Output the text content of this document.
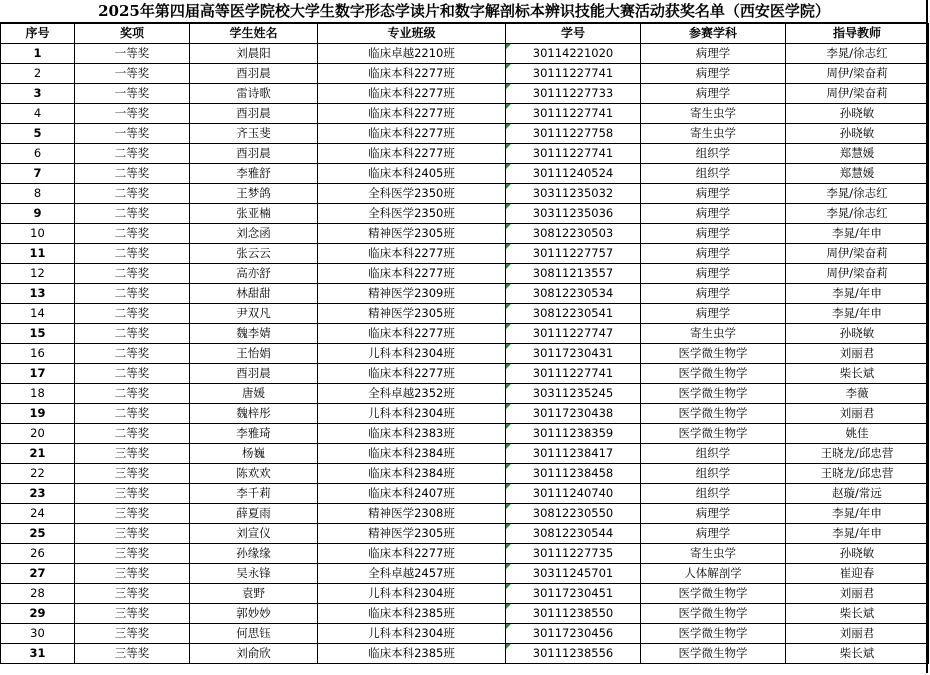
2025年第四届高等医学院校大学生数字形态学读片和数字解剖标本辨识技能大赛活动获奖名单（西安医学院）
序号	奖项	学生姓名	专业班级	学号	参赛学科	指导教师
1	一等奖	刘晨阳	临床卓越2210班	30114221020	病理学	李晁/徐志红
2	一等奖	酉羽晨	临床本科2277班	30111227741	病理学	周伊/梁奋莉
3	一等奖	雷诗歌	临床本科2277班	30111227733	病理学	周伊/梁奋莉
4	一等奖	酉羽晨	临床本科2277班	30111227741	寄生虫学	孙晓敏
5	一等奖	齐玉斐	临床本科2277班	30111227758	寄生虫学	孙晓敏
6	二等奖	酉羽晨	临床本科2277班	30111227741	组织学	郑慧媛
7	二等奖	李雅舒	临床本科2405班	30111240524	组织学	郑慧媛
8	二等奖	王梦鸽	全科医学2350班	30311235032	病理学	李晁/徐志红
9	二等奖	张亚楠	全科医学2350班	30311235036	病理学	李晁/徐志红
10	二等奖	刘念函	精神医学2305班	30812230503	病理学	李晁/年申
11	二等奖	张云云	临床本科2277班	30111227757	病理学	周伊/梁奋莉
12	二等奖	高亦舒	临床本科2277班	30811213557	病理学	周伊/梁奋莉
13	二等奖	林甜甜	精神医学2309班	30812230534	病理学	李晁/年申
14	二等奖	尹双凡	精神医学2305班	30812230541	病理学	李晁/年申
15	二等奖	魏李婧	临床本科2277班	30111227747	寄生虫学	孙晓敏
16	二等奖	王怡娟	儿科本科2304班	30117230431	医学微生物学	刘丽君
17	二等奖	酉羽晨	临床本科2277班	30111227741	医学微生物学	柴长斌
18	二等奖	唐媛	全科卓越2352班	30311235245	医学微生物学	李薇
19	二等奖	魏梓彤	儿科本科2304班	30117230438	医学微生物学	刘丽君
20	二等奖	李雅琦	临床本科2383班	30111238359	医学微生物学	姚佳
21	三等奖	杨巍	临床本科2384班	30111238417	组织学	王晓龙/邱忠营
22	三等奖	陈欢欢	临床本科2384班	30111238458	组织学	王晓龙/邱忠营
23	三等奖	李千莉	临床本科2407班	30111240740	组织学	赵璇/常远
24	三等奖	薛夏雨	精神医学2308班	30812230550	病理学	李晁/年申
25	三等奖	刘宣仪	精神医学2305班	30812230544	病理学	李晁/年申
26	三等奖	孙缘缘	临床本科2277班	30111227735	寄生虫学	孙晓敏
27	三等奖	吴永锋	全科卓越2457班	30311245701	人体解剖学	崔迎春
28	三等奖	袁野	儿科本科2304班	30117230451	医学微生物学	刘丽君
29	三等奖	郭妙妙	临床本科2385班	30111238550	医学微生物学	柴长斌
30	三等奖	何思钰	儿科本科2304班	30117230456	医学微生物学	刘丽君
31	三等奖	刘俞欣	临床本科2385班	30111238556	医学微生物学	柴长斌
